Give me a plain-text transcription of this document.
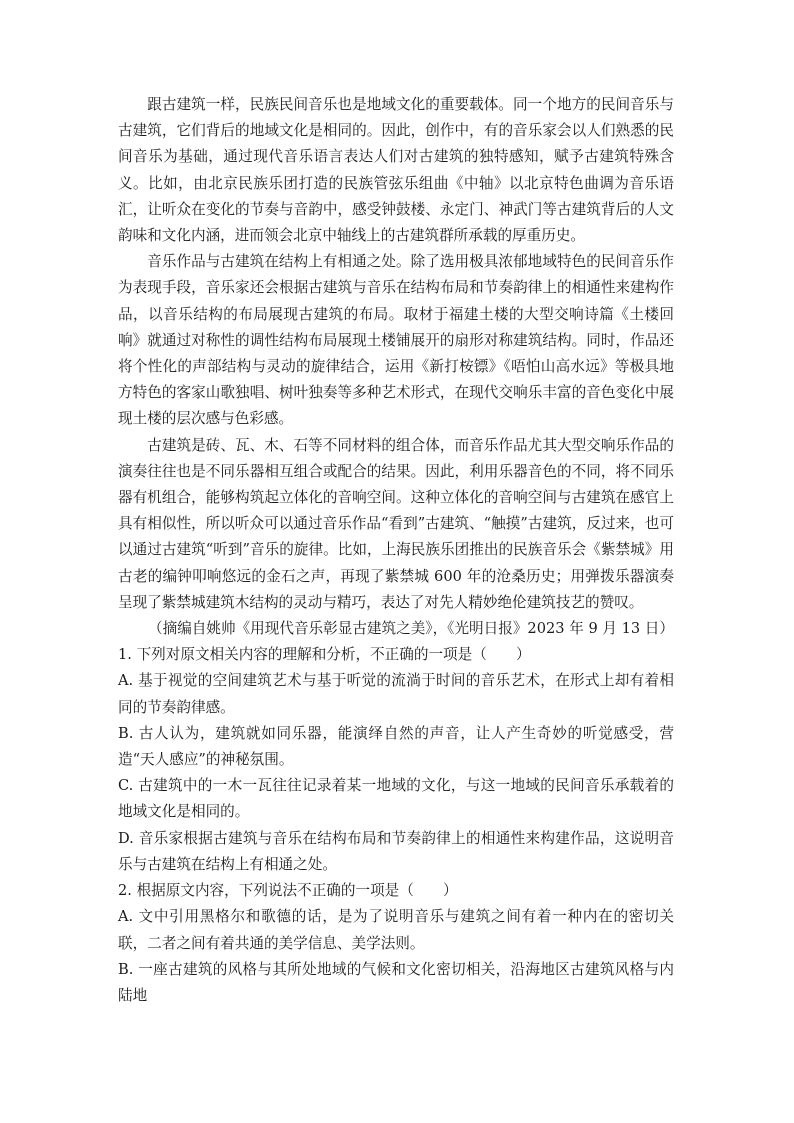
跟古建筑一样，民族民间音乐也是地域文化的重要载体。同一个地方的民间音乐与古建筑，它们背后的地域文化是相同的。因此，创作中，有的音乐家会以人们熟悉的民间音乐为基础，通过现代音乐语言表达人们对古建筑的独特感知，赋予古建筑特殊含义。比如，由北京民族乐团打造的民族管弦乐组曲《中轴》以北京特色曲调为音乐语汇，让听众在变化的节奏与音韵中，感受钟鼓楼、永定门、神武门等古建筑背后的人文韵味和文化内涵，进而领会北京中轴线上的古建筑群所承载的厚重历史。

音乐作品与古建筑在结构上有相通之处。除了选用极具浓郁地域特色的民间音乐作为表现手段，音乐家还会根据古建筑与音乐在结构布局和节奏韵律上的相通性来建构作品，以音乐结构的布局展现古建筑的布局。取材于福建土楼的大型交响诗篇《土楼回响》就通过对称性的调性结构布局展现土楼铺展开的扇形对称建筑结构。同时，作品还将个性化的声部结构与灵动的旋律结合，运用《新打桉镖》《唔怕山高水远》等极具地方特色的客家山歌独唱、树叶独奏等多种艺术形式，在现代交响乐丰富的音色变化中展现土楼的层次感与色彩感。

古建筑是砖、瓦、木、石等不同材料的组合体，而音乐作品尤其大型交响乐作品的演奏往往也是不同乐器相互组合或配合的结果。因此，利用乐器音色的不同，将不同乐器有机组合，能够构筑起立体化的音响空间。这种立体化的音响空间与古建筑在感官上具有相似性，所以听众可以通过音乐作品“看到”古建筑、“触摸”古建筑，反过来，也可以通过古建筑“听到”音乐的旋律。比如，上海民族乐团推出的民族音乐会《紫禁城》用古老的编钟叩响悠远的金石之声，再现了紫禁城 600 年的沧桑历史；用弹拨乐器演奏呈现了紫禁城建筑木结构的灵动与精巧，表达了对先人精妙绝伦建筑技艺的赞叹。

（摘编自姚帅《用现代音乐彰显古建筑之美》，《光明日报》2023 年 9 月 13 日）

1. 下列对原文相关内容的理解和分析，不正确的一项是（　　）

A. 基于视觉的空间建筑艺术与基于听觉的流淌于时间的音乐艺术，在形式上却有着相同的节奏韵律感。

B. 古人认为，建筑就如同乐器，能演绎自然的声音，让人产生奇妙的听觉感受，营造“天人感应”的神秘氛围。

C. 古建筑中的一木一瓦往往记录着某一地域的文化，与这一地域的民间音乐承载着的地域文化是相同的。

D. 音乐家根据古建筑与音乐在结构布局和节奏韵律上的相通性来构建作品，这说明音乐与古建筑在结构上有相通之处。

2. 根据原文内容，下列说法不正确的一项是（　　）

A. 文中引用黑格尔和歌德的话，是为了说明音乐与建筑之间有着一种内在的密切关联，二者之间有着共通的美学信息、美学法则。

B. 一座古建筑的风格与其所处地域的气候和文化密切相关，沿海地区古建筑风格与内陆地
